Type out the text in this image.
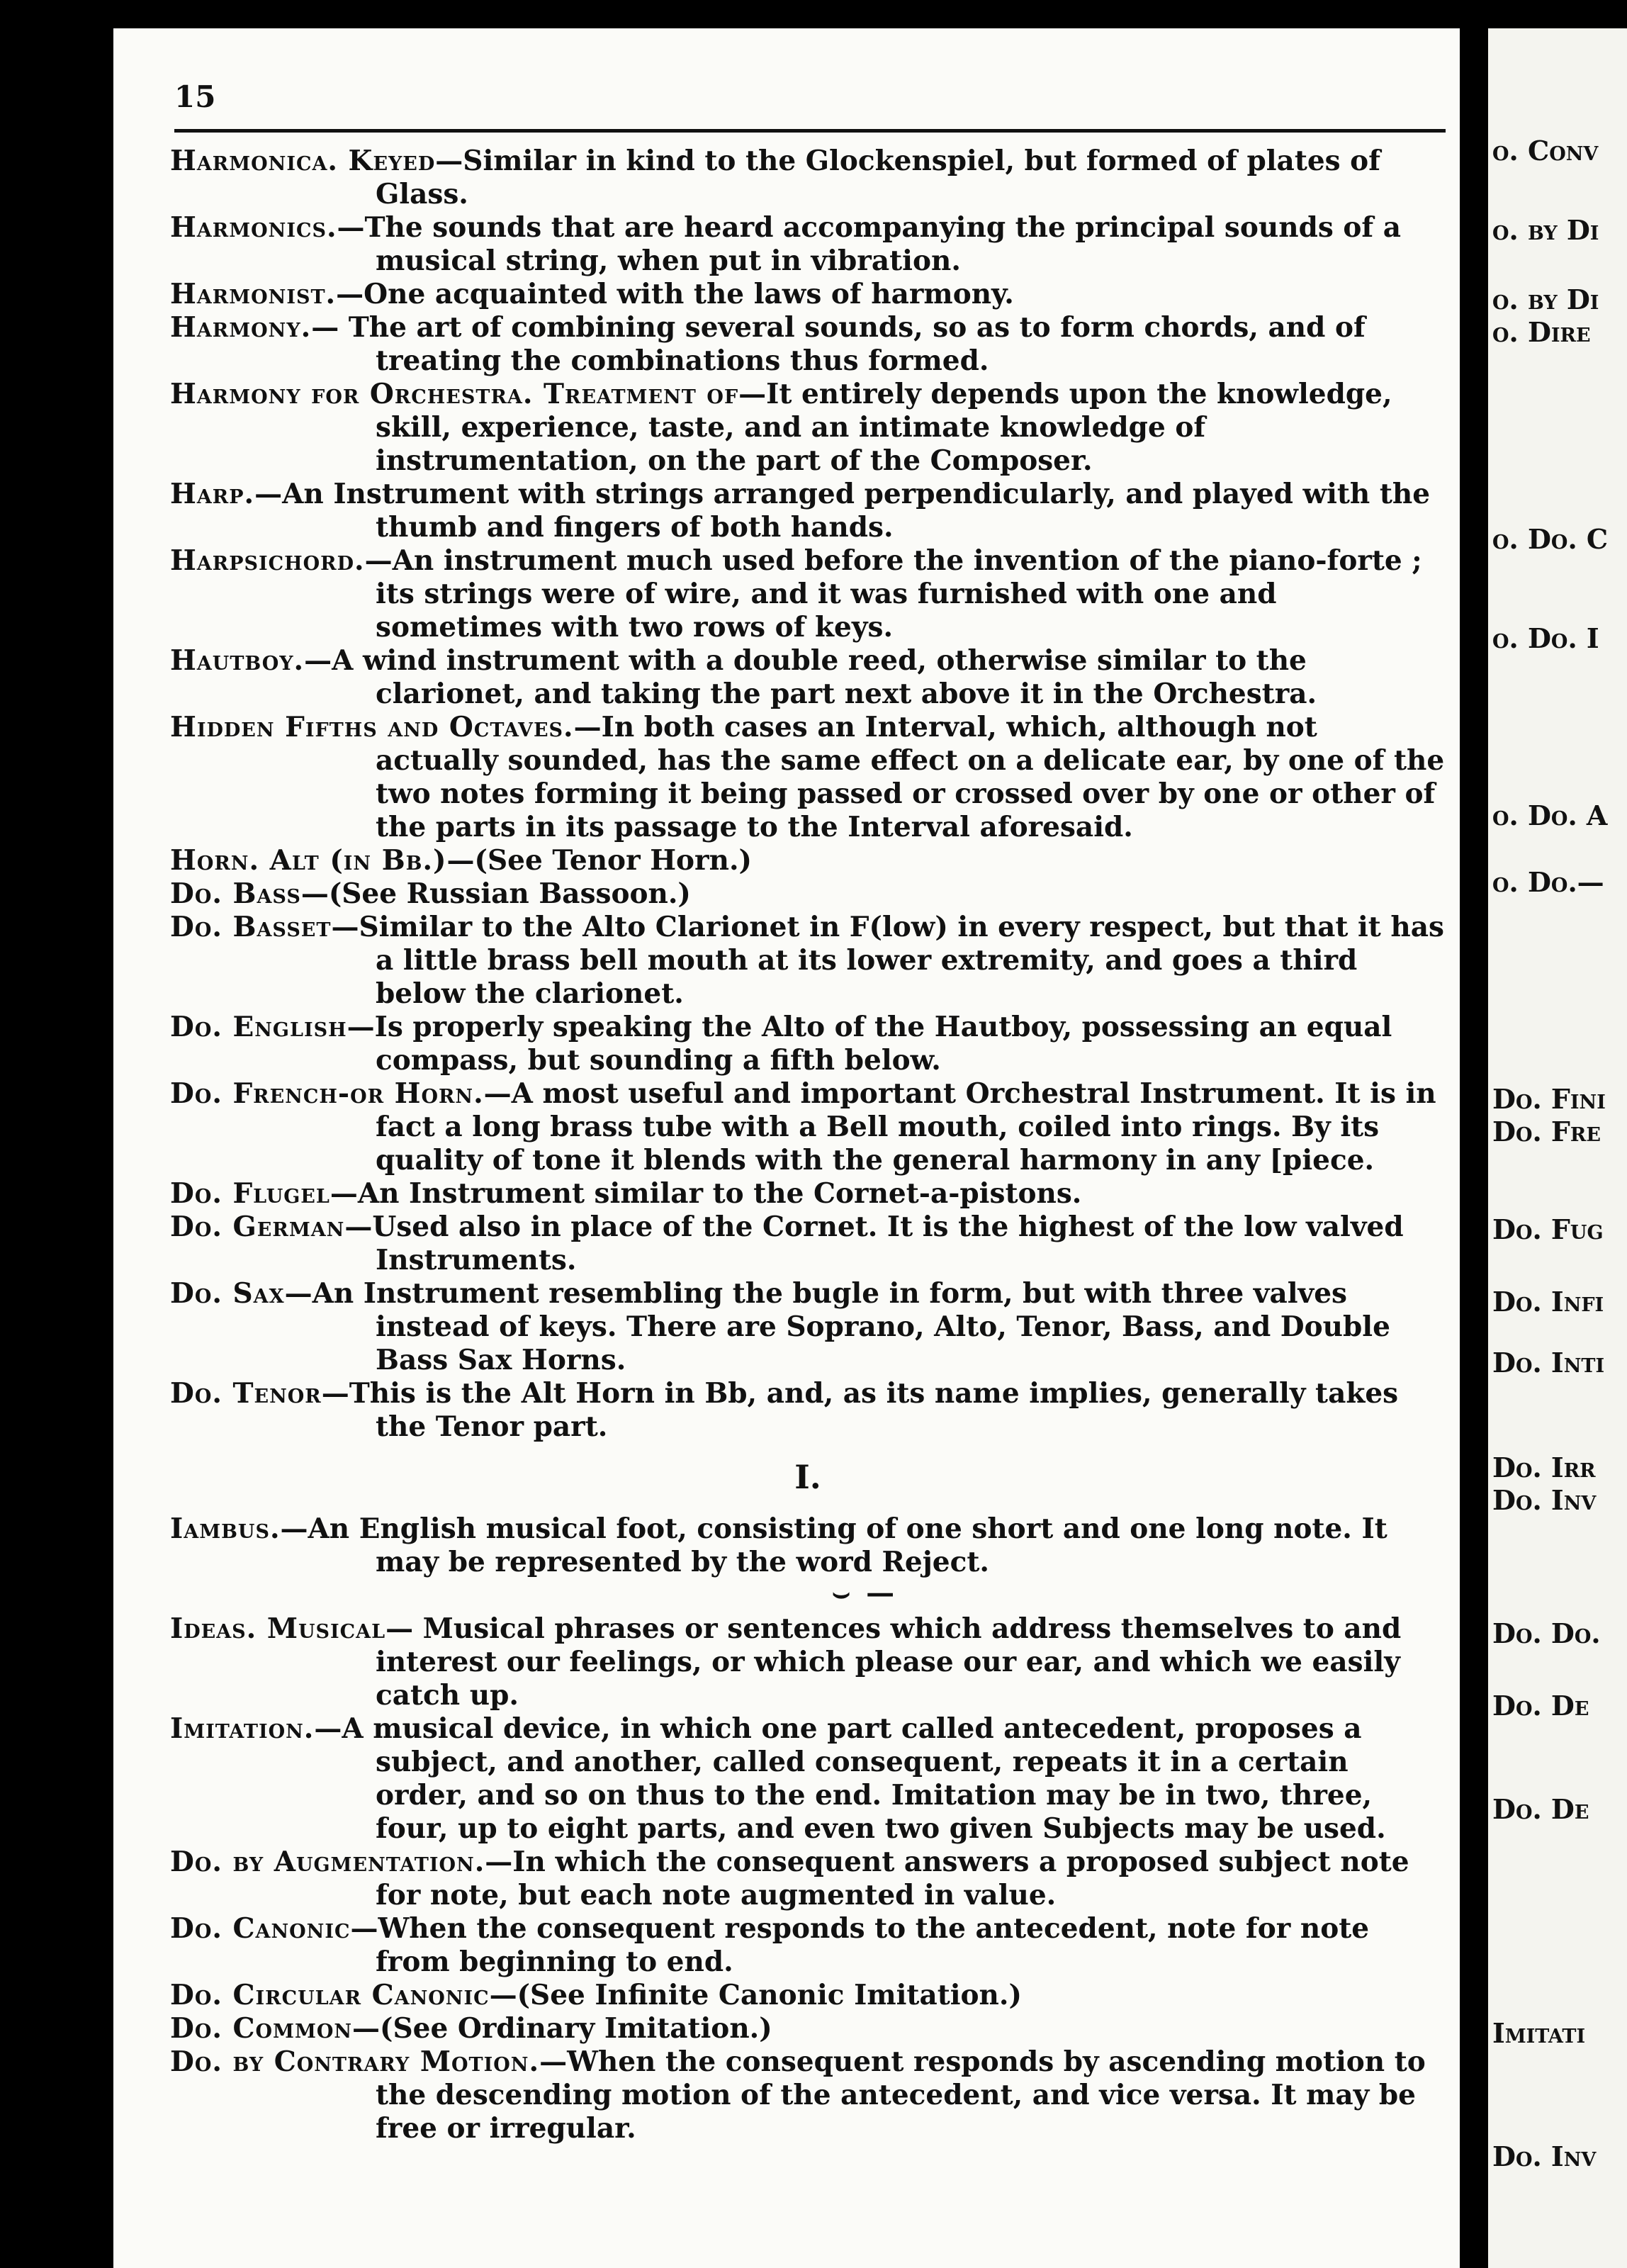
15

Harmonica. Keyed—Similar in kind to the Glockenspiel, but formed of plates of Glass.

Harmonics.—The sounds that are heard accompanying the principal sounds of a musical string, when put in vibration.

Harmonist.—One acquainted with the laws of harmony.

Harmony.— The art of combining several sounds, so as to form chords, and of treating the combinations thus formed.

Harmony for Orchestra. Treatment of—It entirely depends upon the knowledge, skill, experience, taste, and an intimate knowledge of instrumentation, on the part of the Composer.

Harp.—An Instrument with strings arranged perpendicularly, and played with the thumb and fingers of both hands.

Harpsichord.—An instrument much used before the invention of the piano-forte ; its strings were of wire, and it was furnished with one and sometimes with two rows of keys.

Hautboy.—A wind instrument with a double reed, otherwise similar to the clarionet, and taking the part next above it in the Orchestra.

Hidden Fifths and Octaves.—In both cases an Interval, which, although not actually sounded, has the same effect on a delicate ear, by one of the two notes forming it being passed or crossed over by one or other of the parts in its passage to the Interval aforesaid.

Horn. Alt (in Bb.)—(See Tenor Horn.)

Do. Bass—(See Russian Bassoon.)

Do. Basset—Similar to the Alto Clarionet in F(low) in every respect, but that it has a little brass bell mouth at its lower extremity, and goes a third below the clarionet.

Do. English—Is properly speaking the Alto of the Hautboy, possessing an equal compass, but sounding a fifth below.

Do. French-or Horn.—A most useful and important Orchestral Instrument. It is in fact a long brass tube with a Bell mouth, coiled into rings. By its quality of tone it blends with the general harmony in any [piece.

Do. Flugel—An Instrument similar to the Cornet-a-pistons.

Do. German—Used also in place of the Cornet. It is the highest of the low valved Instruments.

Do. Sax—An Instrument resembling the bugle in form, but with three valves instead of keys. There are Soprano, Alto, Tenor, Bass, and Double Bass Sax Horns.

Do. Tenor—This is the Alt Horn in Bb, and, as its name implies, generally takes the Tenor part.

I.

Iambus.—An English musical foot, consisting of one short and one long note. It may be represented by the word Reject.

⌣ —

Ideas. Musical— Musical phrases or sentences which address themselves to and interest our feelings, or which please our ear, and which we easily catch up.

Imitation.—A musical device, in which one part called antecedent, proposes a subject, and another, called consequent, repeats it in a certain order, and so on thus to the end. Imitation may be in two, three, four, up to eight parts, and even two given Subjects may be used.

Do. by Augmentation.—In which the consequent answers a proposed subject note for note, but each note augmented in value.

Do. Canonic—When the consequent responds to the antecedent, note for note from beginning to end.

Do. Circular Canonic—(See Infinite Canonic Imitation.)

Do. Common—(See Ordinary Imitation.)

Do. by Contrary Motion.—When the consequent responds by ascending motion to the descending motion of the antecedent, and vice versa. It may be free or irregular.

o. Conv
o. by Di
o. by Di
o. Dire
o. Do. C
o. Do. I
o. Do. A
o. Do.—
Do. Fini
Do. Fre
Do. Fug
Do. Infi
Do. Inti
Do. Irr
Do. Inv
Do. Do.
Do. De
Do. De
Imitati
Do. Inv
